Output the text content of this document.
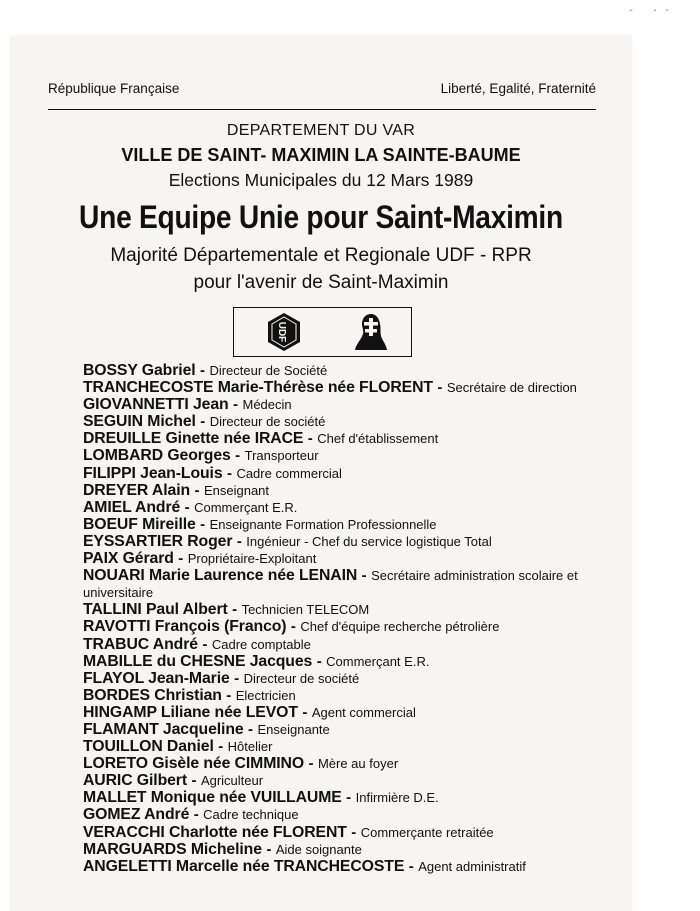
- ·-
République Française	Liberté, Egalité, Fraternité
DEPARTEMENT DU VAR
VILLE DE SAINT- MAXIMIN LA SAINTE-BAUME
Elections Municipales du 12 Mars 1989
Une Equipe Unie pour Saint-Maximin
Majorité Départementale et Regionale UDF - RPR
pour l'avenir de Saint-Maximin
UDF
BOSSY Gabriel - Directeur de Société
TRANCHECOSTE Marie-Thérèse née FLORENT - Secrétaire de direction
GIOVANNETTI Jean - Médecin
SEGUIN Michel - Directeur de société
DREUILLE Ginette née IRACE - Chef d'établissement
LOMBARD Georges - Transporteur
FILIPPI Jean-Louis - Cadre commercial
DREYER Alain - Enseignant
AMIEL André - Commerçant E.R.
BOEUF Mireille - Enseignante Formation Professionnelle
EYSSARTIER Roger - Ingénieur - Chef du service logistique Total
PAIX Gérard - Propriétaire-Exploitant
NOUARI Marie Laurence née LENAIN - Secrétaire administration scolaire et universitaire
TALLINI Paul Albert - Technicien TELECOM
RAVOTTI François (Franco) - Chef d'équipe recherche pétrolière
TRABUC André - Cadre comptable
MABILLE du CHESNE Jacques - Commerçant E.R.
FLAYOL Jean-Marie - Directeur de société
BORDES Christian - Electricien
HINGAMP Liliane née LEVOT - Agent commercial
FLAMANT Jacqueline - Enseignante
TOUILLON Daniel - Hôtelier
LORETO Gisèle née CIMMINO - Mère au foyer
AURIC Gilbert - Agriculteur
MALLET Monique née VUILLAUME - Infirmière D.E.
GOMEZ André - Cadre technique
VERACCHI Charlotte née FLORENT - Commerçante retraitée
MARGUARDS Micheline - Aide soignante
ANGELETTI Marcelle née TRANCHECOSTE - Agent administratif
